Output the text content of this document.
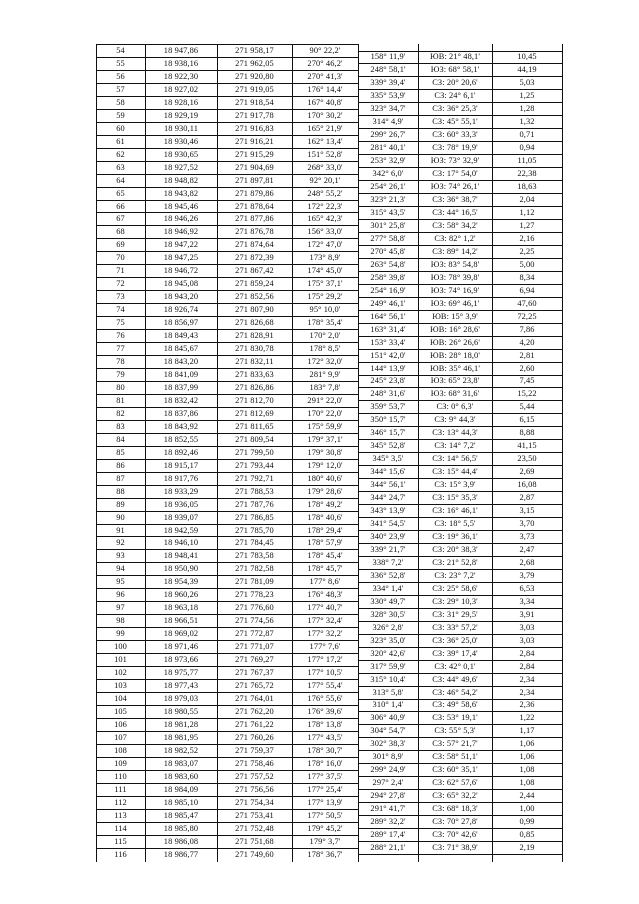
54	18 947,86	271 958,17	90° 22,2'
55	18 938,16	271 962,05	270° 46,2'
56	18 922,30	271 920,80	270° 41,3'
57	18 927,02	271 919,05	176° 14,4'
58	18 928,16	271 918,54	167° 40,8'
59	18 929,19	271 917,78	170° 30,2'
60	18 930,11	271 916,83	165° 21,9'
61	18 930,46	271 916,21	162° 13,4'
62	18 930,65	271 915,29	151° 52,8'
63	18 927,52	271 904,69	268° 33,0'
64	18 948,82	271 897,81	92° 20,1'
65	18 943,82	271 879,86	248° 55,2'
66	18 945,46	271 878,64	172° 22,3'
67	18 946,26	271 877,86	165° 42,3'
68	18 946,92	271 876,78	156° 33,0'
69	18 947,22	271 874,64	172° 47,0'
70	18 947,25	271 872,39	173° 8,9'
71	18 946,72	271 867,42	174° 45,0'
72	18 945,08	271 859,24	175° 37,1'
73	18 943,20	271 852,56	175° 29,2'
74	18 926,74	271 807,90	95° 10,0'
75	18 856,97	271 826,68	178° 35,4'
76	18 849,43	271 828,91	170° 2,0'
77	18 845,67	271 830,78	178° 8,5'
78	18 843,20	271 832,11	172° 32,0'
79	18 841,09	271 833,63	281° 9,9'
80	18 837,99	271 826,86	183° 7,8'
81	18 832,42	271 812,70	291° 22,0'
82	18 837,86	271 812,69	170° 22,0'
83	18 843,92	271 811,65	175° 59,9'
84	18 852,55	271 809,54	179° 37,1'
85	18 892,46	271 799,50	179° 30,8'
86	18 915,17	271 793,44	179° 12,0'
87	18 917,76	271 792,71	180° 40,6'
88	18 933,29	271 788,53	179° 28,6'
89	18 936,05	271 787,76	178° 49,2'
90	18 939,07	271 786,85	178° 40,6'
91	18 942,59	271 785,70	178° 29,4'
92	18 946,10	271 784,45	178° 57,9'
93	18 948,41	271 783,58	178° 45,4'
94	18 950,90	271 782,58	178° 45,7'
95	18 954,39	271 781,09	177° 8,6'
96	18 960,26	271 778,23	176° 48,3'
97	18 963,18	271 776,60	177° 40,7'
98	18 966,51	271 774,56	177° 32,4'
99	18 969,02	271 772,87	177° 32,2'
100	18 971,46	271 771,07	177° 7,6'
101	18 973,66	271 769,27	177° 17,2'
102	18 975,77	271 767,37	177° 10,5'
103	18 977,43	271 765,72	177° 55,4'
104	18 979,03	271 764,01	176° 55,6'
105	18 980,55	271 762,20	176° 39,6'
106	18 981,28	271 761,22	178° 13,8'
107	18 981,95	271 760,26	177° 43,5'
108	18 982,52	271 759,37	178° 30,7'
109	18 983,07	271 758,46	178° 16,0'
110	18 983,60	271 757,52	177° 37,5'
111	18 984,09	271 756,56	177° 25,4'
112	18 985,10	271 754,34	177° 13,9'
113	18 985,47	271 753,41	177° 50,5'
114	18 985,80	271 752,48	179° 45,2'
115	18 986,08	271 751,68	179° 3,7'
116	18 986,77	271 749,60	178° 36,7'
158° 11,9'	ЮВ: 21° 48,1'	10,45
248° 58,1'	ЮЗ: 68° 58,1'	44,19
339° 39,4'	СЗ: 20° 20,6'	5,03
335° 53,9'	СЗ: 24° 6,1'	1,25
323° 34,7'	СЗ: 36° 25,3'	1,28
314° 4,9'	СЗ: 45° 55,1'	1,32
299° 26,7'	СЗ: 60° 33,3'	0,71
281° 40,1'	СЗ: 78° 19,9'	0,94
253° 32,9'	ЮЗ: 73° 32,9'	11,05
342° 6,0'	СЗ: 17° 54,0'	22,38
254° 26,1'	ЮЗ: 74° 26,1'	18,63
323° 21,3'	СЗ: 36° 38,7'	2,04
315° 43,5'	СЗ: 44° 16,5'	1,12
301° 25,8'	СЗ: 58° 34,2'	1,27
277° 58,8'	СЗ: 82° 1,2'	2,16
270° 45,8'	СЗ: 89° 14,2'	2,25
263° 54,8'	ЮЗ: 83° 54,8'	5,00
258° 39,8'	ЮЗ: 78° 39,8'	8,34
254° 16,9'	ЮЗ: 74° 16,9'	6,94
249° 46,1'	ЮЗ: 69° 46,1'	47,60
164° 56,1'	ЮВ: 15° 3,9'	72,25
163° 31,4'	ЮВ: 16° 28,6'	7,86
153° 33,4'	ЮВ: 26° 26,6'	4,20
151° 42,0'	ЮВ: 28° 18,0'	2,81
144° 13,9'	ЮВ: 35° 46,1'	2,60
245° 23,8'	ЮЗ: 65° 23,8'	7,45
248° 31,6'	ЮЗ: 68° 31,6'	15,22
359° 53,7'	СЗ: 0° 6,3'	5,44
350° 15,7'	СЗ: 9° 44,3'	6,15
346° 15,7'	СЗ: 13° 44,3'	8,88
345° 52,8'	СЗ: 14° 7,2'	41,15
345° 3,5'	СЗ: 14° 56,5'	23,50
344° 15,6'	СЗ: 15° 44,4'	2,69
344° 56,1'	СЗ: 15° 3,9'	16,08
344° 24,7'	СЗ: 15° 35,3'	2,87
343° 13,9'	СЗ: 16° 46,1'	3,15
341° 54,5'	СЗ: 18° 5,5'	3,70
340° 23,9'	СЗ: 19° 36,1'	3,73
339° 21,7'	СЗ: 20° 38,3'	2,47
338° 7,2'	СЗ: 21° 52,8'	2,68
336° 52,8'	СЗ: 23° 7,2'	3,79
334° 1,4'	СЗ: 25° 58,6'	6,53
330° 49,7'	СЗ: 29° 10,3'	3,34
328° 30,5'	СЗ: 31° 29,5'	3,91
326° 2,8'	СЗ: 33° 57,2'	3,03
323° 35,0'	СЗ: 36° 25,0'	3,03
320° 42,6'	СЗ: 39° 17,4'	2,84
317° 59,9'	СЗ: 42° 0,1'	2,84
315° 10,4'	СЗ: 44° 49,6'	2,34
313° 5,8'	СЗ: 46° 54,2'	2,34
310° 1,4'	СЗ: 49° 58,6'	2,36
306° 40,9'	СЗ: 53° 19,1'	1,22
304° 54,7'	СЗ: 55° 5,3'	1,17
302° 38,3'	СЗ: 57° 21,7'	1,06
301° 8,9'	СЗ: 58° 51,1'	1,06
299° 24,9'	СЗ: 60° 35,1'	1,08
297° 2,4'	СЗ: 62° 57,6'	1,08
294° 27,8'	СЗ: 65° 32,2'	2,44
291° 41,7'	СЗ: 68° 18,3'	1,00
289° 32,2'	СЗ: 70° 27,8'	0,99
289° 17,4'	СЗ: 70° 42,6'	0,85
288° 21,1'	СЗ: 71° 38,9'	2,19
